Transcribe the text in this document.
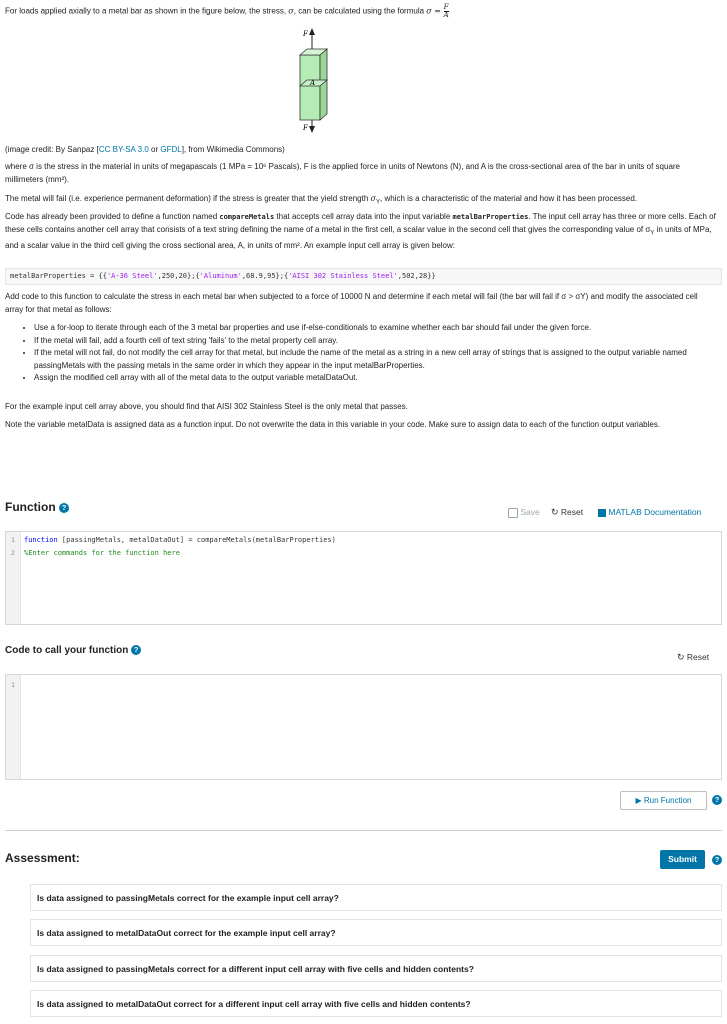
For loads applied axially to a metal bar as shown in the figure below, the stress, σ, can be calculated using the formula $\sigma = \frac{F}{A}$
F
A
F
(image credit: By Sanpaz [CC BY-SA 3.0 or GFDL], from Wikimedia Commons)
where σ is the stress in the material in units of megapascals (1 MPa = 10⁶ Pascals), F is the applied force in units of Newtons (N), and A is the cross-sectional area of the bar in units of square millimeters (mm²).
The metal will fail (i.e. experience permanent deformation) if the stress is greater that the yield strength $\sigma_Y$, which is a characteristic of the material and how it has been processed.
Code has already been provided to define a function named compareMetals that accepts cell array data into the input variable metalBarProperties. The input cell array has three or more cells. Each of these cells contains another cell array that consists of a text string defining the name of a metal in the first cell, a scalar value in the second cell that gives the corresponding value of $\sigma_Y$ in units of MPa, and a scalar value in the third cell giving the cross sectional area, A, in units of mm². An example input cell array is given below:
metalBarProperties = {{'A-36 Steel',250,20};{'Aluminum',68.9,95};{'AISI 302 Stainless Steel',502,28}}
Add code to this function to calculate the stress in each metal bar when subjected to a force of 10000 N and determine if each metal will fail (the bar will fail if σ > σY) and modify the associated cell array for that metal as follows:
• Use a for-loop to iterate through each of the 3 metal bar properties and use if-else-conditionals to examine whether each bar should fail under the given force.
• If the metal will fail, add a fourth cell of text string 'fails' to the metal property cell array.
• If the metal will not fail, do not modify the cell array for that metal, but include the name of the metal as a string in a new cell array of strings that is assigned to the output variable named passingMetals with the passing metals in the same order in which they appear in the input metalBarProperties.
• Assign the modified cell array with all of the metal data to the output variable metalDataOut.
For the example input cell array above, you should find that AISI 302 Stainless Steel is the only metal that passes.
Note the variable metalData is assigned data as a function input. Do not overwrite the data in this variable in your code. Make sure to assign data to each of the function output variables.
Function ?	Save ↻ Reset	MATLAB Documentation
1	function [passingMetals, metalDataOut] = compareMetals(metalBarProperties)
2	%Enter commands for the function here
Code to call your function ?
↻ Reset
1
▶ Run Function	?
Assessment:	Submit	?
Is data assigned to passingMetals correct for the example input cell array?
Is data assigned to metalDataOut correct for the example input cell array?
Is data assigned to passingMetals correct for a different input cell array with five cells and hidden contents?
Is data assigned to metalDataOut correct for a different input cell array with five cells and hidden contents?
